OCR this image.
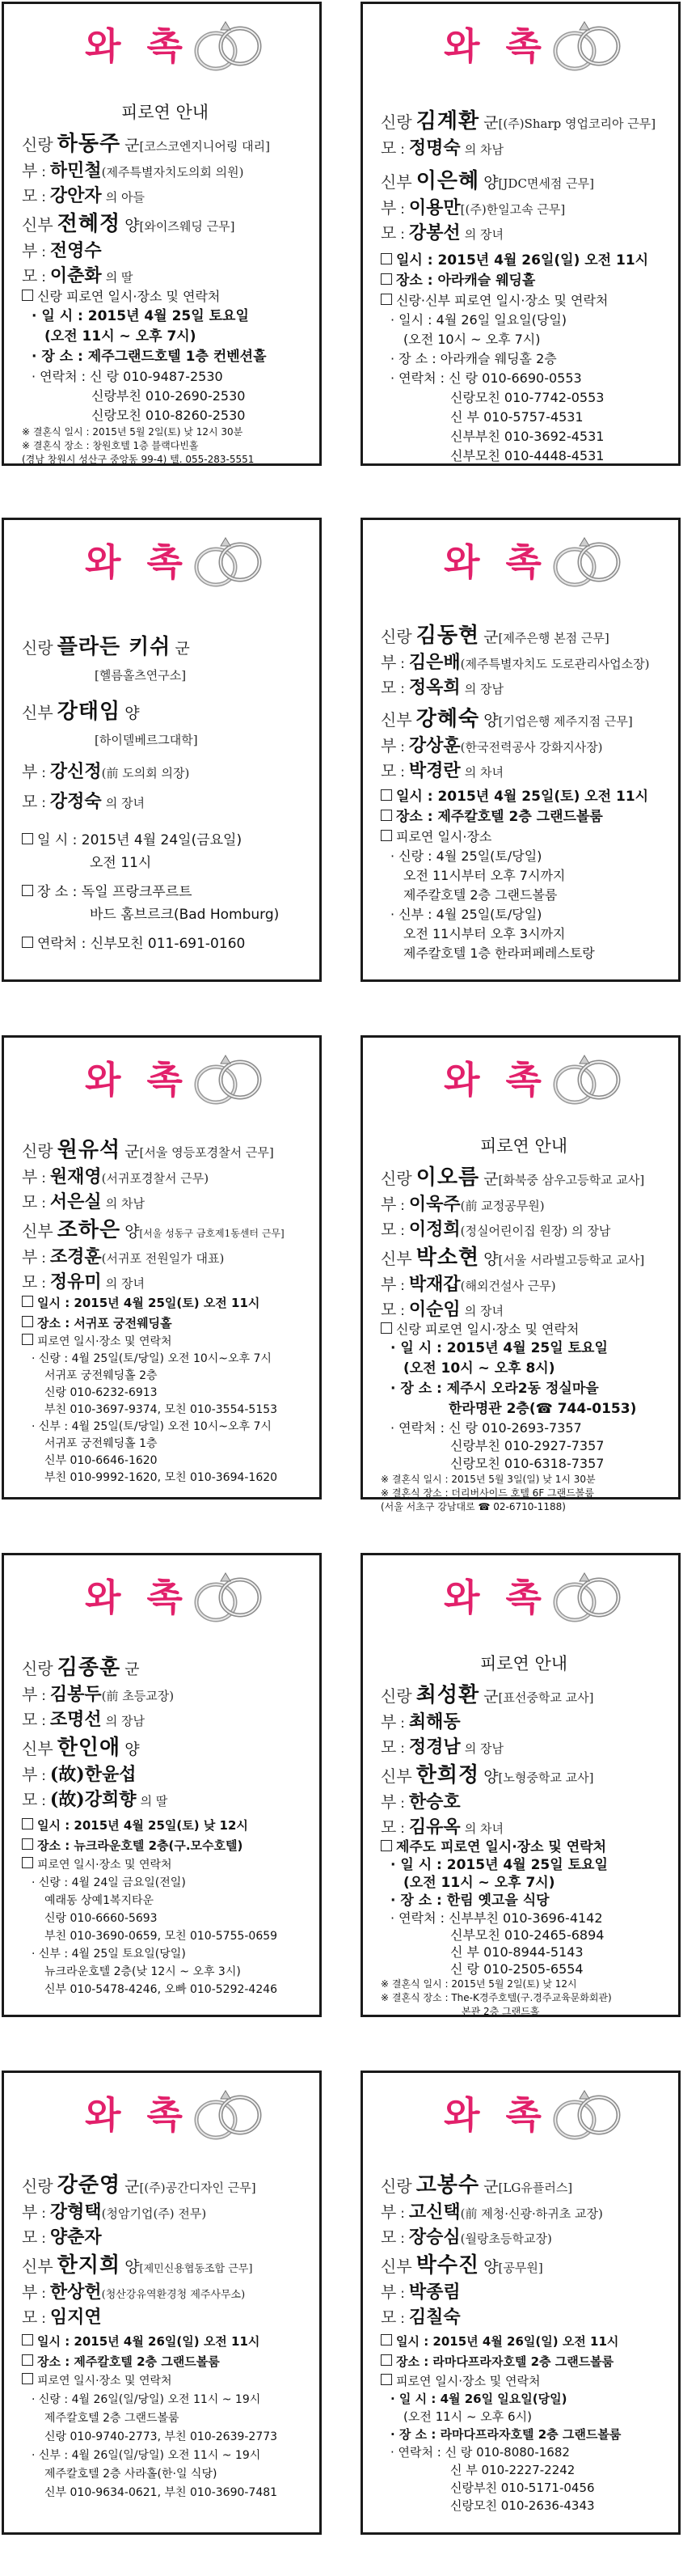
와 촉
피로연 안내
신랑 하동주 군[코스코엔지니어링 대리]
부 : 하민철(제주특별자치도의회 의원)
모 : 강안자 의 아들
신부 전혜정 양[와이즈웨딩 근무]
부 : 전영수
모 : 이춘화 의 딸
신랑 피로연 일시·장소 및 연락처
· 일 시 : 2015년 4월 25일 토요일
(오전 11시 ~ 오후 7시)
· 장 소 : 제주그랜드호텔 1층 컨벤션홀
· 연락처 : 신 랑 010-9487-2530
신랑부친 010-2690-2530
신랑모친 010-8260-2530
※ 결혼식 일시 : 2015년 5월 2일(토) 낮 12시 30분
※ 결혼식 장소 : 창원호텔 1층 블랙다빈홀
(경남 창원시 성산구 중앙동 99-4) 텔. 055-283-5551
와 촉
신랑 김계환 군[(주)Sharp 영업코리아 근무]
모 : 정명숙 의 차남
신부 이은혜 양[JDC면세점 근무]
부 : 이용만[(주)한일고속 근무]
모 : 강봉선 의 장녀
일시 : 2015년 4월 26일(일) 오전 11시
장소 : 아라캐슬 웨딩홀
신랑·신부 피로연 일시·장소 및 연락처
· 일시 : 4월 26일 일요일(당일)
(오전 10시 ~ 오후 7시)
· 장 소 : 아라캐슬 웨딩홀 2층
· 연락처 : 신 랑 010-6690-0553
신랑모친 010-7742-0553
신 부 010-5757-4531
신부부친 010-3692-4531
신부모친 010-4448-4531
와 촉
신랑 플라든 키쉬 군
[헬름홀츠연구소]
신부 강태임 양
[하이델베르그대학]
부 : 강신정(前 도의회 의장)
모 : 강정숙 의 장녀
일 시 : 2015년 4월 24일(금요일)
오전 11시
장 소 : 독일 프랑크푸르트
바드 홈브르크(Bad Homburg)
연락처 : 신부모친 011-691-0160
와 촉
신랑 김동현 군[제주은행 본점 근무]
부 : 김은배(제주특별자치도 도로관리사업소장)
모 : 정옥희 의 장남
신부 강혜숙 양[기업은행 제주지점 근무]
부 : 강상훈(한국전력공사 강화지사장)
모 : 박경란 의 차녀
일시 : 2015년 4월 25일(토) 오전 11시
장소 : 제주칼호텔 2층 그랜드볼룸
피로연 일시·장소
· 신랑 : 4월 25일(토/당일)
오전 11시부터 오후 7시까지
제주칼호텔 2층 그랜드볼룸
· 신부 : 4월 25일(토/당일)
오전 11시부터 오후 3시까지
제주칼호텔 1층 한라퍼페레스토랑
와 촉
신랑 원유석 군[서울 영등포경찰서 근무]
부 : 원재영(서귀포경찰서 근무)
모 : 서은실 의 차남
신부 조하은 양[서울 성동구 금호제1동센터 근무]
부 : 조경훈(서귀포 전원일가 대표)
모 : 정유미 의 장녀
일시 : 2015년 4월 25일(토) 오전 11시
장소 : 서귀포 궁전웨딩홀
피로연 일시·장소 및 연락처
· 신랑 : 4월 25일(토/당일) 오전 10시~오후 7시
서귀포 궁전웨딩홀 2층
신랑 010-6232-6913
부친 010-3697-9374, 모친 010-3554-5153
· 신부 : 4월 25일(토/당일) 오전 10시~오후 7시
서귀포 궁전웨딩홀 1층
신부 010-6646-1620
부친 010-9992-1620, 모친 010-3694-1620
와 촉
피로연 안내
신랑 이오름 군[화북중 삼우고등학교 교사]
부 : 이욱주(前 교정공무원)
모 : 이정희(정실어린이집 원장) 의 장남
신부 박소현 양[서울 서라벌고등학교 교사]
부 : 박재갑(해외건설사 근무)
모 : 이순임 의 장녀
신랑 피로연 일시·장소 및 연락처
· 일 시 : 2015년 4월 25일 토요일
(오전 10시 ~ 오후 8시)
· 장 소 : 제주시 오라2동 정실마을
한라명관 2층(☎ 744-0153)
· 연락처 : 신 랑 010-2693-7357
신랑부친 010-2927-7357
신랑모친 010-6318-7357
※ 결혼식 일시 : 2015년 5월 3일(일) 낮 1시 30분
※ 결혼식 장소 : 더리버사이드 호텔 6F 그랜드볼룸
(서울 서초구 강남대로 ☎ 02-6710-1188)
와 촉
신랑 김종훈 군
부 : 김봉두(前 초등교장)
모 : 조명선 의 장남
신부 한인애 양
부 : (故)한윤섭
모 : (故)강희향 의 딸
일시 : 2015년 4월 25일(토) 낮 12시
장소 : 뉴크라운호텔 2층(구.모수호텔)
피로연 일시·장소 및 연락처
· 신랑 : 4월 24일 금요일(전일)
예래동 상예1복지타운
신랑 010-6660-5693
부친 010-3690-0659, 모친 010-5755-0659
· 신부 : 4월 25일 토요일(당일)
뉴크라운호텔 2층(낮 12시 ~ 오후 3시)
신부 010-5478-4246, 오빠 010-5292-4246
와 촉
피로연 안내
신랑 최성환 군[표선중학교 교사]
부 : 최해동
모 : 정경남 의 장남
신부 한희정 양[노형중학교 교사]
부 : 한승호
모 : 김유옥 의 차녀
제주도 피로연 일시·장소 및 연락처
· 일 시 : 2015년 4월 25일 토요일
(오전 11시 ~ 오후 7시)
· 장 소 : 한림 옛고을 식당
· 연락처 : 신부부친 010-3696-4142
신부모친 010-2465-6894
신 부 010-8944-5143
신 랑 010-2505-6554
※ 결혼식 일시 : 2015년 5월 2일(토) 낮 12시
※ 결혼식 장소 : The-K경주호텔(구.경주교육문화회관)
본관 2층 그랜드홀
와 촉
신랑 강준영 군[(주)공간디자인 근무]
부 : 강형택(청암기업(주) 전무)
모 : 양춘자
신부 한지희 양[제민신용협동조합 근무]
부 : 한상헌(청산강유역환경청 제주사무소)
모 : 임지연
일시 : 2015년 4월 26일(일) 오전 11시
장소 : 제주칼호텔 2층 그랜드볼룸
피로연 일시·장소 및 연락처
· 신랑 : 4월 26일(일/당일) 오전 11시 ~ 19시
제주칼호텔 2층 그랜드볼룸
신랑 010-9740-2773, 부친 010-2639-2773
· 신부 : 4월 26일(일/당일) 오전 11시 ~ 19시
제주칼호텔 2층 사라홀(한·일 식당)
신부 010-9634-0621, 부친 010-3690-7481
와 촉
신랑 고봉수 군[LG유플러스]
부 : 고신택(前 제청·신광·하귀초 교장)
모 : 장승심(월랑초등학교장)
신부 박수진 양[공무원]
부 : 박종림
모 : 김칠숙
일시 : 2015년 4월 26일(일) 오전 11시
장소 : 라마다프라자호텔 2층 그랜드볼룸
피로연 일시·장소 및 연락처
· 일 시 : 4월 26일 일요일(당일)
(오전 11시 ~ 오후 6시)
· 장 소 : 라마다프라자호텔 2층 그랜드볼룸
· 연락처 : 신 랑 010-8080-1682
신 부 010-2227-2242
신랑부친 010-5171-0456
신랑모친 010-2636-4343
